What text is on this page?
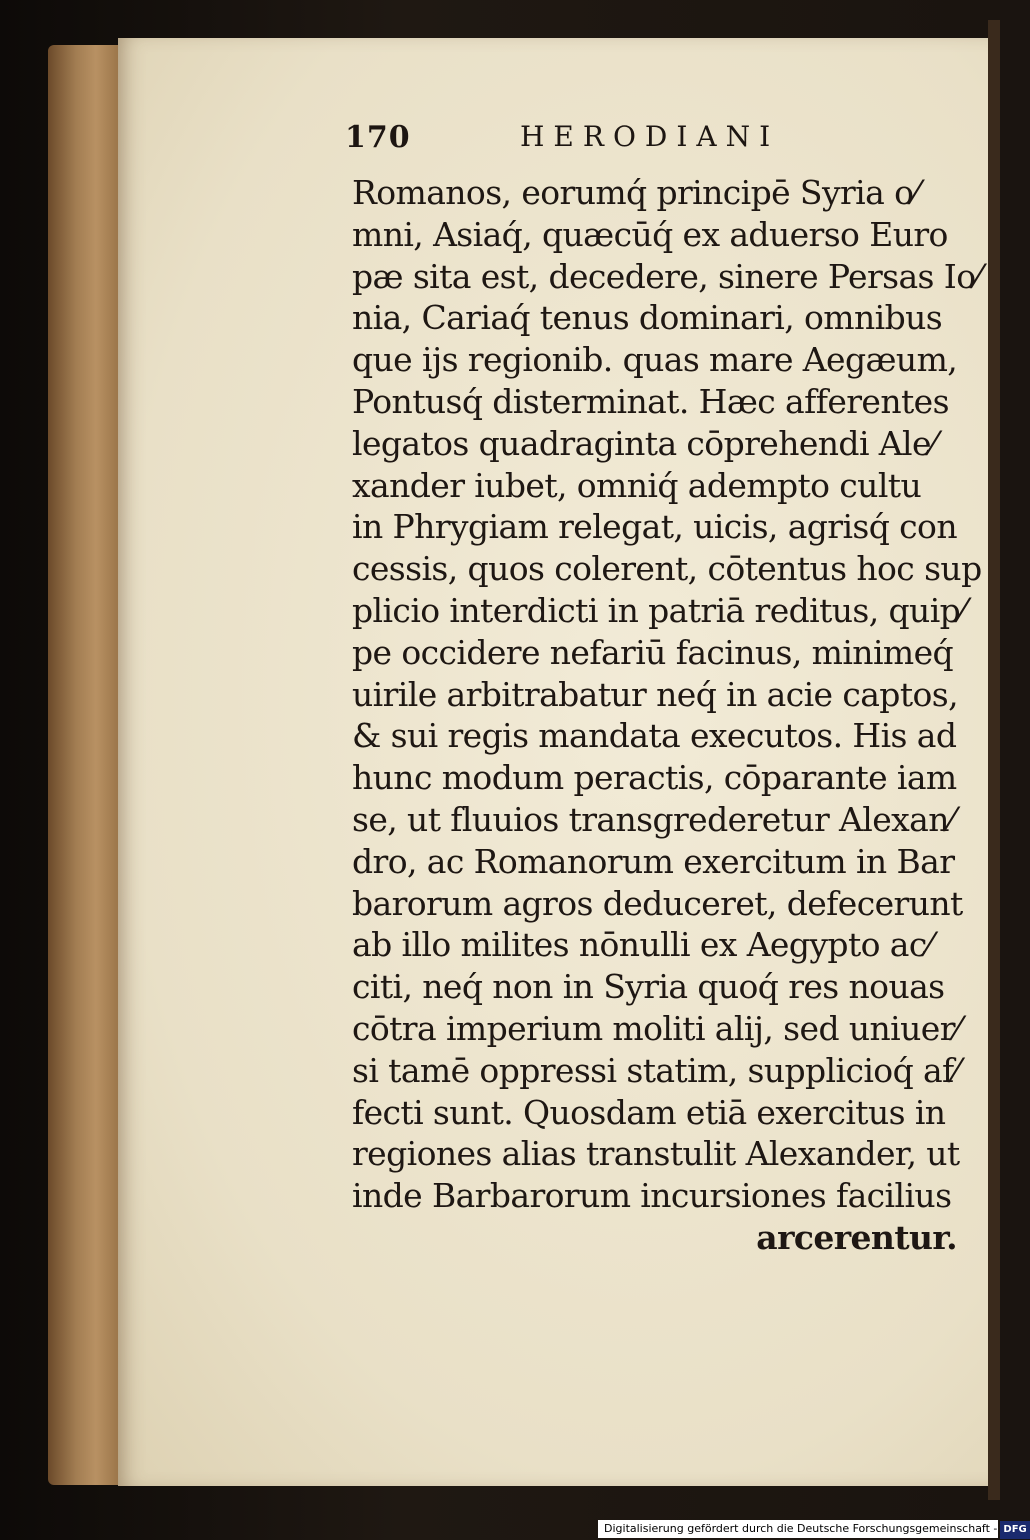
170	HERODIANI
Romanos, eorumq́ principē Syria o⁄
mni, Asiaq́, quæcūq́ ex aduerso Euro
pæ sita est, decedere, sinere Persas Io⁄
nia, Cariaq́ tenus dominari, omnibus
que ijs regionib. quas mare Aegæum,
Pontusq́ disterminat. Hæc afferentes
legatos quadraginta cōprehendi Ale⁄
xander iubet, omniq́ adempto cultu
in Phrygiam relegat, uicis, agrisq́ con
cessis, quos colerent, cōtentus hoc sup
plicio interdicti in patriā reditus, quip⁄
pe occidere nefariū facinus, minimeq́
uirile arbitrabatur neq́ in acie captos,
& sui regis mandata executos. His ad
hunc modum peractis, cōparante iam
se, ut fluuios transgrederetur Alexan⁄
dro, ac Romanorum exercitum in Bar
barorum agros deduceret, defecerunt
ab illo milites nōnulli ex Aegypto ac⁄
citi, neq́ non in Syria quoq́ res nouas
cōtra imperium moliti alij, sed uniuer⁄
si tamē oppressi statim, supplicioq́ af⁄
fecti sunt. Quosdam etiā exercitus in
regiones alias transtulit Alexander, ut
inde Barbarorum incursiones facilius
arcerentur.
Digitalisierung gefördert durch die Deutsche Forschungsgemeinschaft - DFG
